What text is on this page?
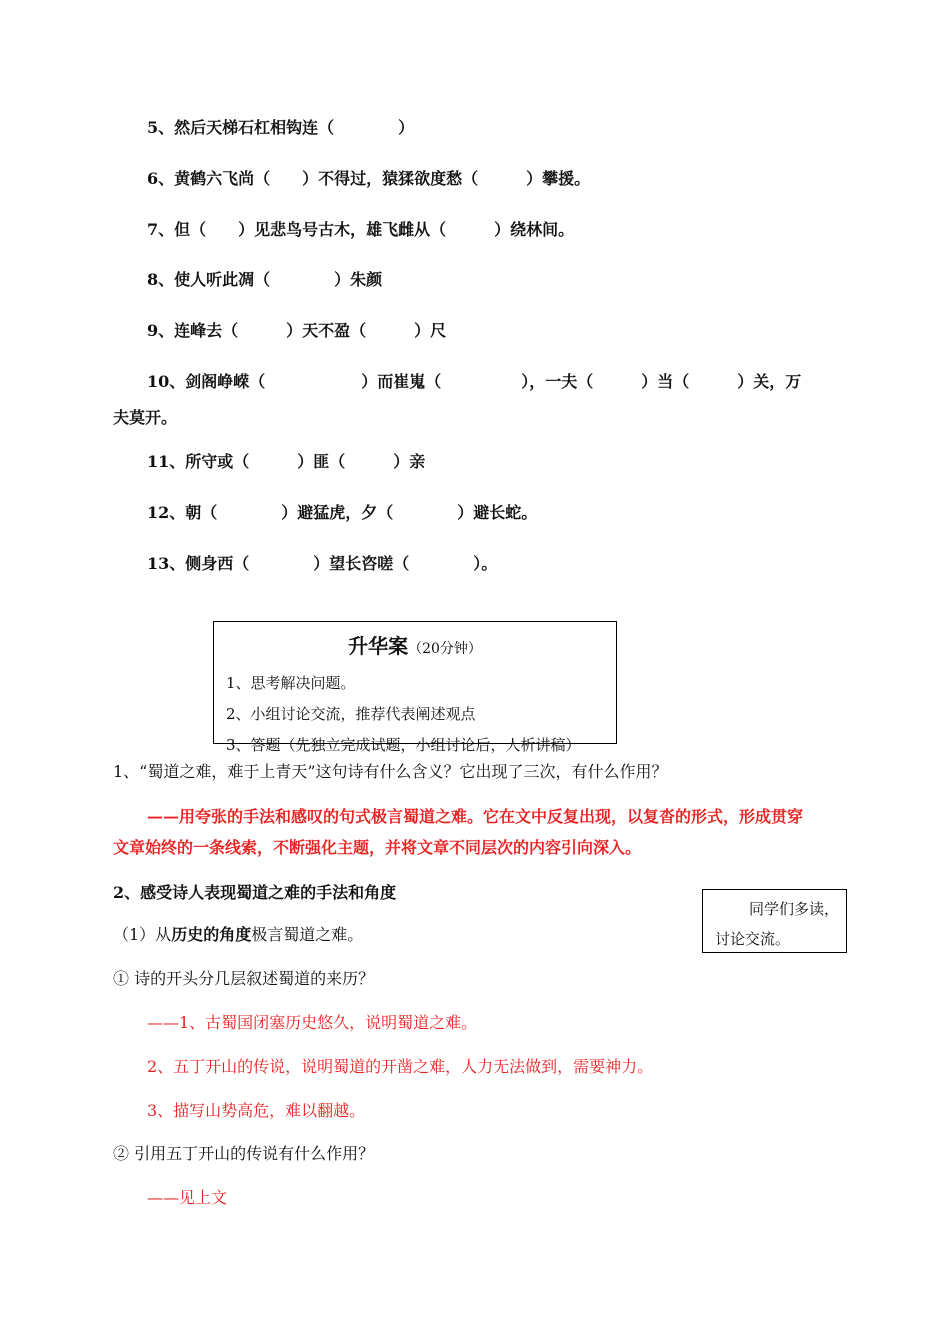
5、然后天梯石杠相钩连（　　　　）
6、黄鹤六飞尚（　　）不得过，猿猱欲度愁（　　　）攀援。
7、但（　　）见悲鸟号古木，雄飞雌从（　　　）绕林间。
8、使人听此凋（　　　　）朱颜
9、连峰去（　　　）天不盈（　　　）尺
10、剑阁峥嵘（　　　　　　）而崔嵬（　　　　　），一夫（　　　）当（　　　）关，万
夫莫开。
11、所守或（　　　）匪（　　　）亲
12、朝（　　　　）避猛虎，夕（　　　　）避长蛇。
13、侧身西（　　　　）望长咨嗟（　　　　）。
升华案（20分钟）
1、思考解决问题。
2、小组讨论交流，推荐代表阐述观点
3、答题（先独立完成试题，小组讨论后，人析讲稿）
1、“蜀道之难，难于上青天”这句诗有什么含义？它出现了三次，有什么作用？
——用夸张的手法和感叹的句式极言蜀道之难。它在文中反复出现，以复沓的形式，形成贯穿
文章始终的一条线索，不断强化主题，并将文章不同层次的内容引向深入。
2、感受诗人表现蜀道之难的手法和角度
同学们多读，
讨论交流。
（1）从历史的角度极言蜀道之难。
① 诗的开头分几层叙述蜀道的来历？
——1、古蜀国闭塞历史悠久，说明蜀道之难。
2、五丁开山的传说，说明蜀道的开凿之难，人力无法做到，需要神力。
3、描写山势高危，难以翻越。
② 引用五丁开山的传说有什么作用？
——见上文
